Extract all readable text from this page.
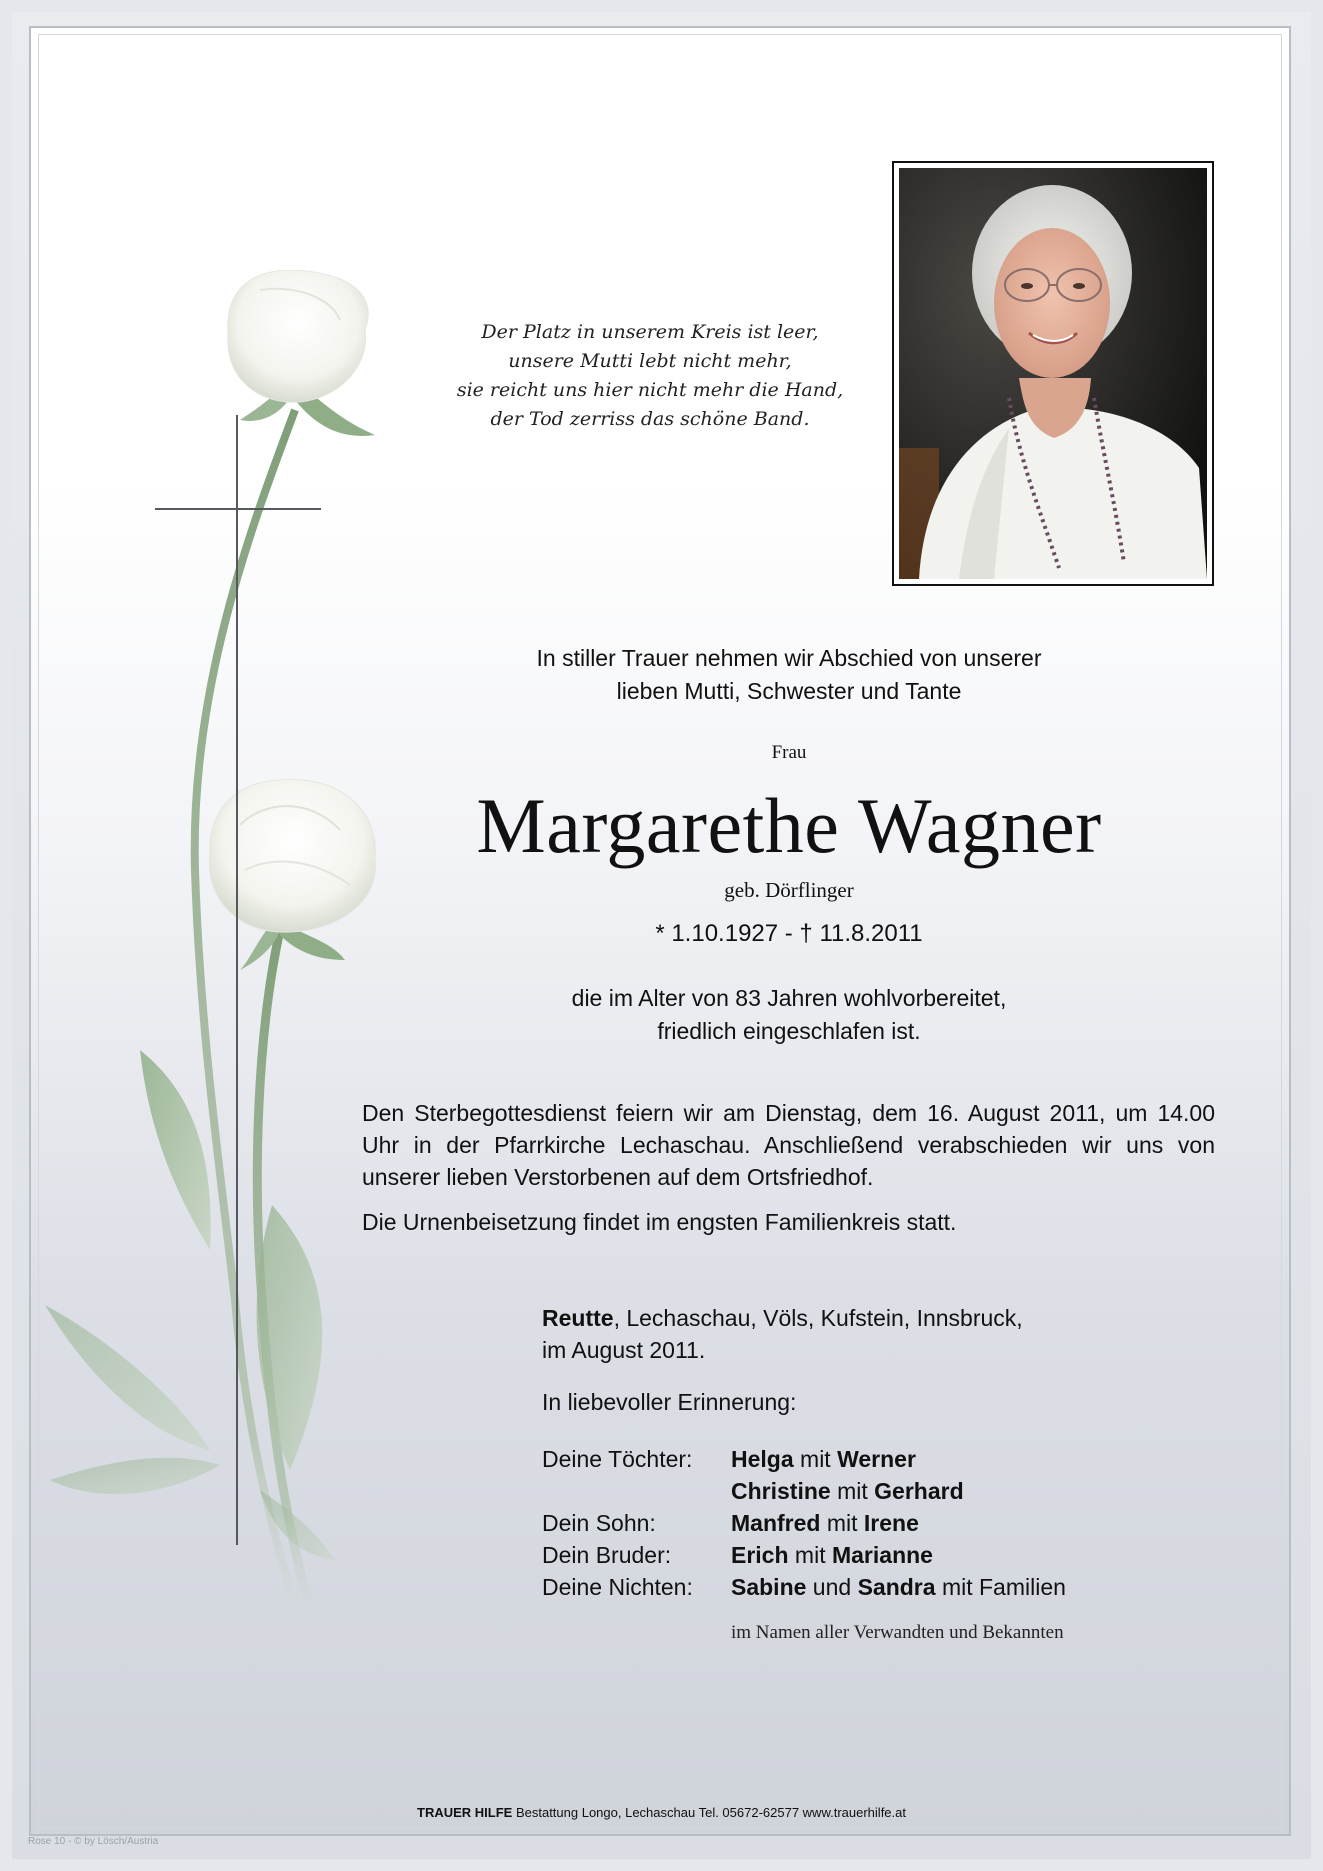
Der Platz in unserem Kreis ist leer,
unsere Mutti lebt nicht mehr,
sie reicht uns hier nicht mehr die Hand,
der Tod zerriss das schöne Band.
In stiller Trauer nehmen wir Abschied von unserer
lieben Mutti, Schwester und Tante
Frau
Margarethe Wagner
geb. Dörflinger
* 1.10.1927 - † 11.8.2011
die im Alter von 83 Jahren wohlvorbereitet,
friedlich eingeschlafen ist.

Den Sterbegottesdienst feiern wir am Dienstag, dem 16. August 2011, um 14.00 Uhr in der Pfarrkirche Lechaschau. Anschließend verabschieden wir uns von unserer lieben Verstorbenen auf dem Ortsfriedhof.

Die Urnenbeisetzung findet im engsten Familienkreis statt.

Reutte, Lechaschau, Völs, Kufstein, Innsbruck,
im August 2011.
In liebevoller Erinnerung:
Deine Töchter:	Helga mit Werner
Christine mit Gerhard
Dein Sohn:	Manfred mit Irene
Dein Bruder:	Erich mit Marianne
Deine Nichten:	Sabine und Sandra mit Familien
im Namen aller Verwandten und Bekannten
TRAUER HILFE Bestattung Longo, Lechaschau Tel. 05672-62577 www.trauerhilfe.at
Rose 10 - © by Lösch/Austria
